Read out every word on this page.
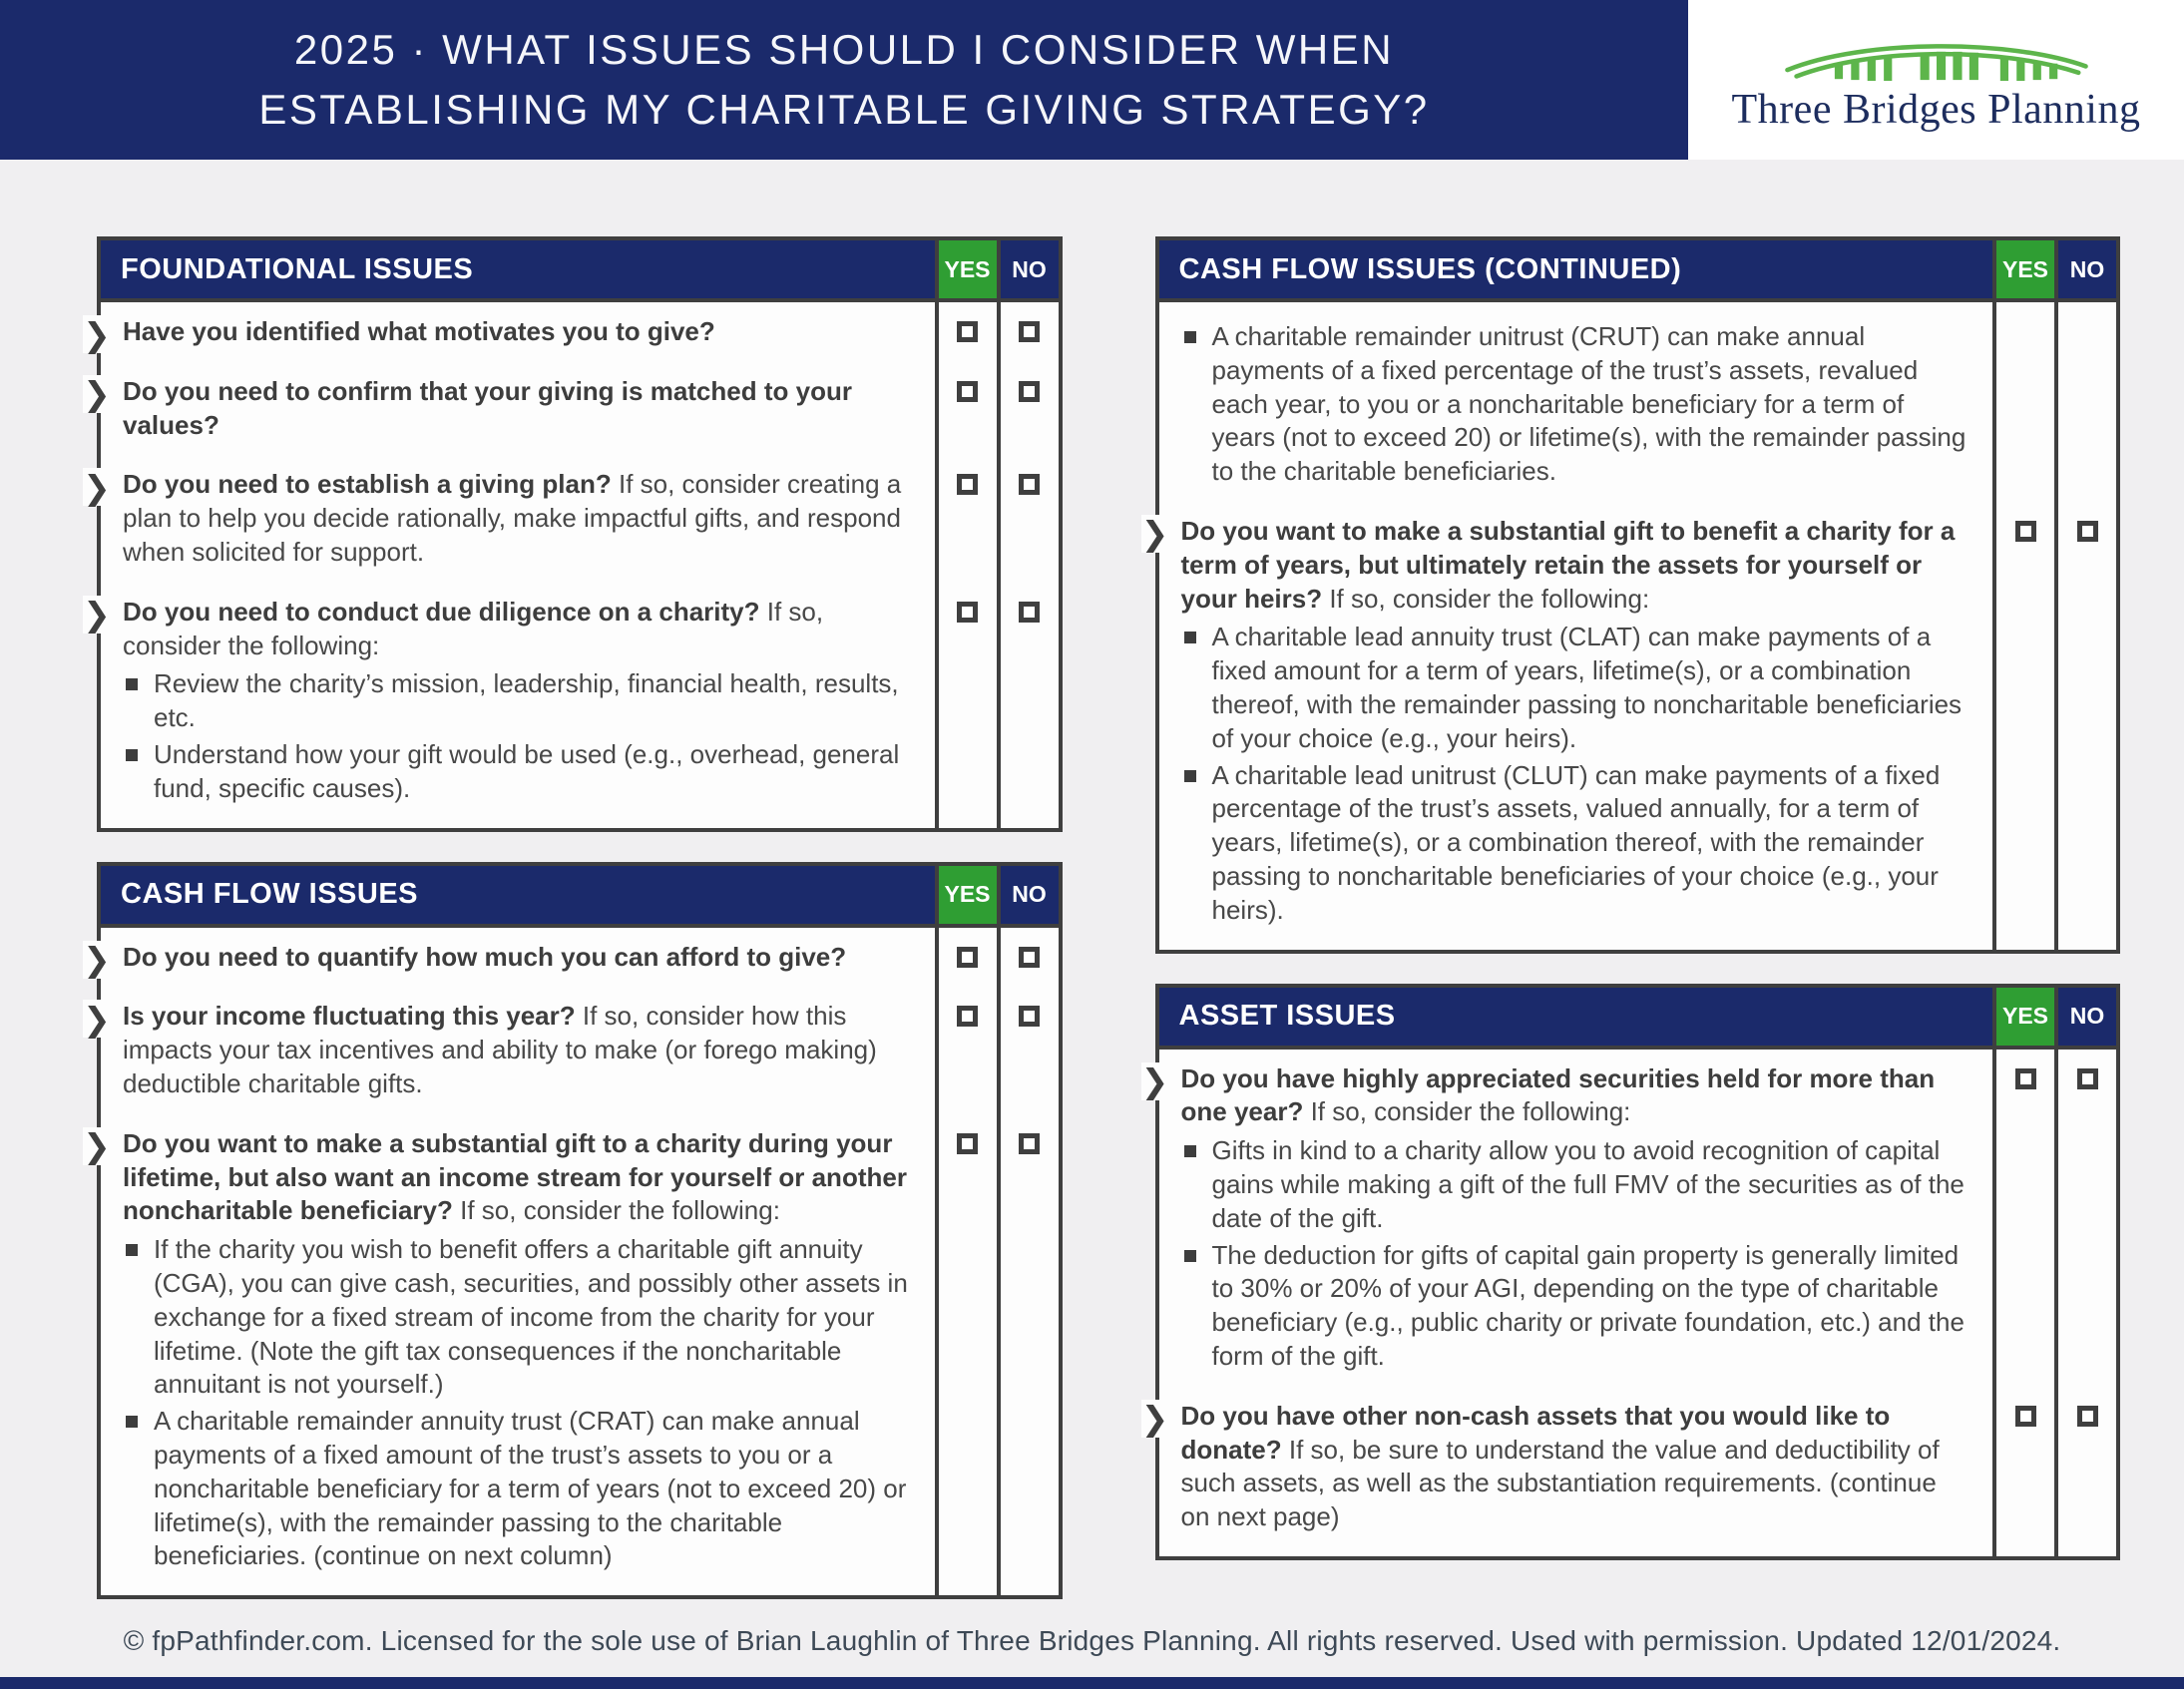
2025 · WHAT ISSUES SHOULD I CONSIDER WHEN
ESTABLISHING MY CHARITABLE GIVING STRATEGY?	Three Bridges Planning
FOUNDATIONAL ISSUES	YES NO
❯ Have you identified what motivates you to give?
❯ Do you need to confirm that your giving is matched to your values?
❯ Do you need to establish a giving plan? If so, consider creating a plan to help you decide rationally, make impactful gifts, and respond when solicited for support.
❯ Do you need to conduct due diligence on a charity? If so, consider the following:
Review the charity’s mission, leadership, financial health, results, etc.
Understand how your gift would be used (e.g., overhead, general fund, specific causes).
CASH FLOW ISSUES	YES NO
❯ Do you need to quantify how much you can afford to give?
❯ Is your income fluctuating this year? If so, consider how this impacts your tax incentives and ability to make (or forego making) deductible charitable gifts.
❯ Do you want to make a substantial gift to a charity during your lifetime, but also want an income stream for yourself or another noncharitable beneficiary? If so, consider the following:
If the charity you wish to benefit offers a charitable gift annuity (CGA), you can give cash, securities, and possibly other assets in exchange for a fixed stream of income from the charity for your lifetime. (Note the gift tax consequences if the noncharitable annuitant is not yourself.)
A charitable remainder annuity trust (CRAT) can make annual payments of a fixed amount of the trust’s assets to you or a noncharitable beneficiary for a term of years (not to exceed 20) or lifetime(s), with the remainder passing to the charitable beneficiaries. (continue on next column)
CASH FLOW ISSUES (CONTINUED)	YES NO
A charitable remainder unitrust (CRUT) can make annual payments of a fixed percentage of the trust’s assets, revalued each year, to you or a noncharitable beneficiary for a term of years (not to exceed 20) or lifetime(s), with the remainder passing to the charitable beneficiaries.
❯ Do you want to make a substantial gift to benefit a charity for a term of years, but ultimately retain the assets for yourself or your heirs? If so, consider the following:
A charitable lead annuity trust (CLAT) can make payments of a fixed amount for a term of years, lifetime(s), or a combination thereof, with the remainder passing to noncharitable beneficiaries of your choice (e.g., your heirs).
A charitable lead unitrust (CLUT) can make payments of a fixed percentage of the trust’s assets, valued annually, for a term of years, lifetime(s), or a combination thereof, with the remainder passing to noncharitable beneficiaries of your choice (e.g., your heirs).
ASSET ISSUES	YES NO
❯ Do you have highly appreciated securities held for more than one year? If so, consider the following:
Gifts in kind to a charity allow you to avoid recognition of capital gains while making a gift of the full FMV of the securities as of the date of the gift.
The deduction for gifts of capital gain property is generally limited to 30% or 20% of your AGI, depending on the type of charitable beneficiary (e.g., public charity or private foundation, etc.) and the form of the gift.
❯ Do you have other non-cash assets that you would like to donate? If so, be sure to understand the value and deductibility of such assets, as well as the substantiation requirements. (continue on next page)
© fpPathfinder.com. Licensed for the sole use of Brian Laughlin of Three Bridges Planning. All rights reserved. Used with permission. Updated 12/01/2024.
